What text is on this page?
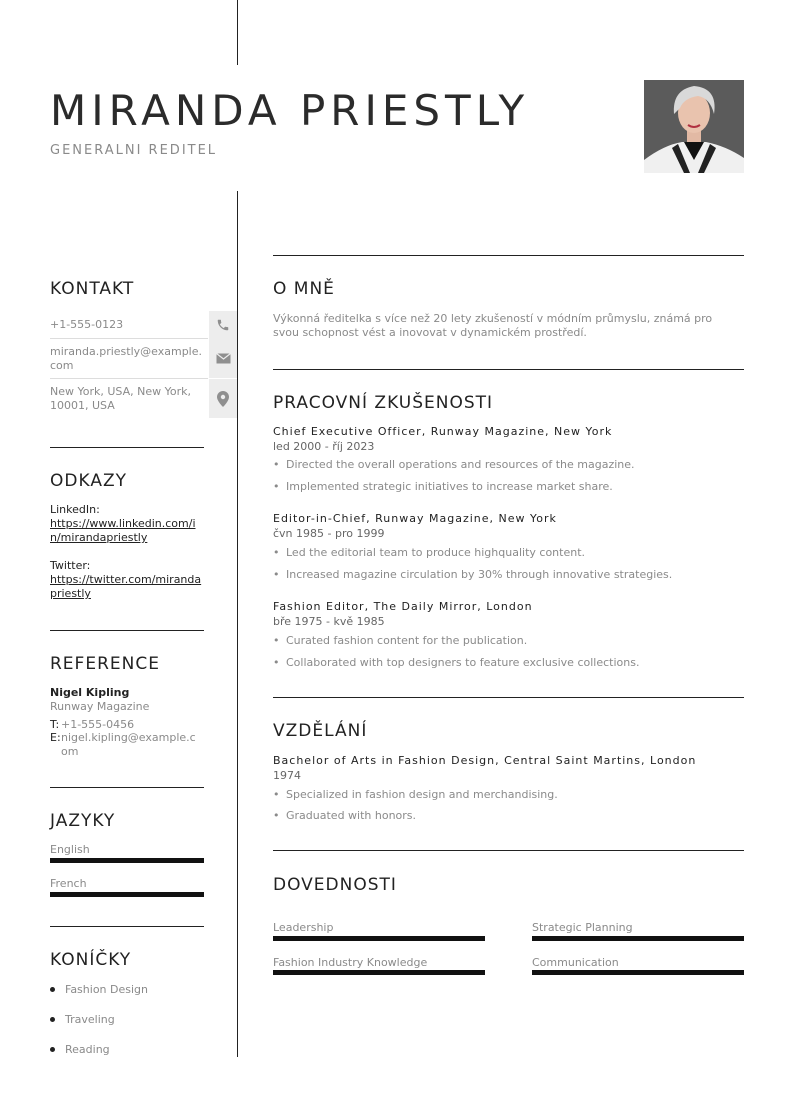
MIRANDA PRIESTLY
GENERALNI REDITEL
KONTAKT
+1-555-0123
miranda.priestly@example.com
New York, USA, New York, 10001, USA
ODKAZY
LinkedIn:
https://www.linkedin.com/in/mirandapriestly
Twitter:
https://twitter.com/mirandapriestly
REFERENCE
Nigel Kipling
Runway Magazine
T: +1-555-0456
E: nigel.kipling@example.com
JAZYKY
English
French
KONÍČKY
Fashion Design
Traveling
Reading
O MNĚ
Výkonná ředitelka s více než 20 lety zkušeností v módním průmyslu, známá pro svou schopnost vést a inovovat v dynamickém prostředí.
PRACOVNÍ ZKUŠENOSTI
Chief Executive Officer, Runway Magazine, New York
led 2000 - říj 2023
• Directed the overall operations and resources of the magazine.
• Implemented strategic initiatives to increase market share.
Editor-in-Chief, Runway Magazine, New York
čvn 1985 - pro 1999
• Led the editorial team to produce highquality content.
• Increased magazine circulation by 30% through innovative strategies.
Fashion Editor, The Daily Mirror, London
bře 1975 - kvě 1985
• Curated fashion content for the publication.
• Collaborated with top designers to feature exclusive collections.
VZDĚLÁNÍ
Bachelor of Arts in Fashion Design, Central Saint Martins, London
1974
• Specialized in fashion design and merchandising.
• Graduated with honors.
DOVEDNOSTI
Leadership	Strategic Planning
Fashion Industry Knowledge	Communication
